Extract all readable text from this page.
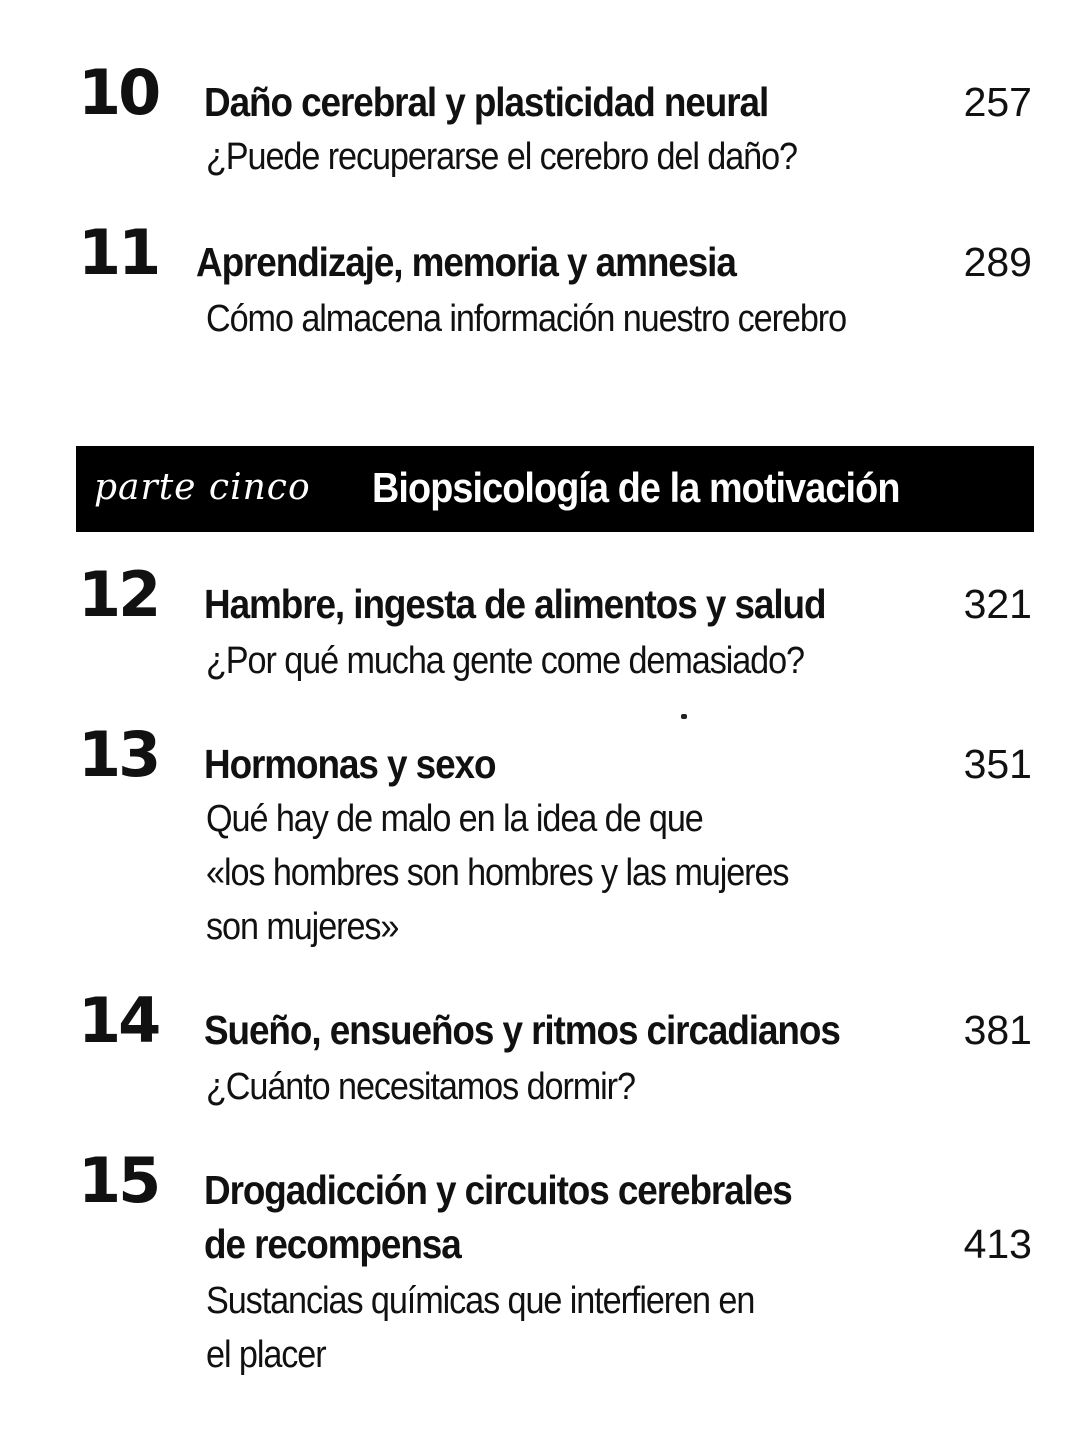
10 Daño cerebral y plasticidad neural	257
¿Puede recuperarse el cerebro del daño?
11 Aprendizaje, memoria y amnesia	289
Cómo almacena información nuestro cerebro
parte cinco Biopsicología de la motivación
12 Hambre, ingesta de alimentos y salud	321
¿Por qué mucha gente come demasiado?
13 Hormonas y sexo	351
Qué hay de malo en la idea de que
«los hombres son hombres y las mujeres
son mujeres»
14 Sueño, ensueños y ritmos circadianos	381
¿Cuánto necesitamos dormir?
15 Drogadicción y circuitos cerebrales
de recompensa	413
Sustancias químicas que interfieren en
el placer
